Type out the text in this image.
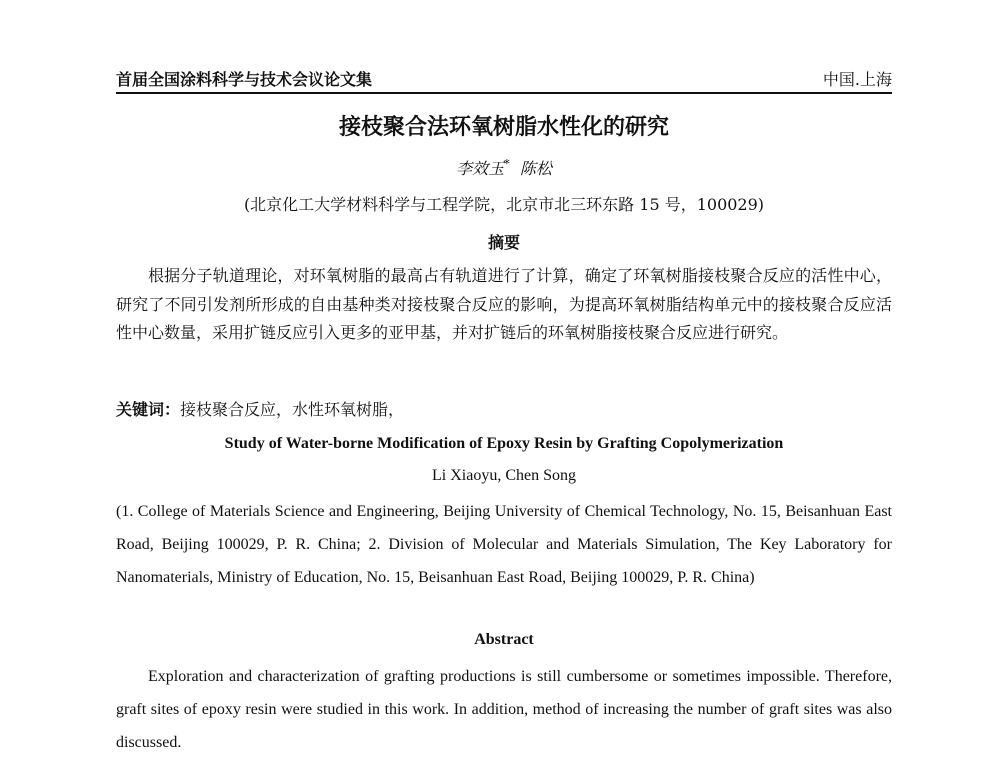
首届全国涂料科学与技术会议论文集	中国.上海
接枝聚合法环氧树脂水性化的研究
李效玉* 陈松
(北京化工大学材料科学与工程学院，北京市北三环东路 15 号，100029)
摘要
根据分子轨道理论，对环氧树脂的最高占有轨道进行了计算，确定了环氧树脂接枝聚合反应的活性中心，研究了不同引发剂所形成的自由基种类对接枝聚合反应的影响，为提高环氧树脂结构单元中的接枝聚合反应活性中心数量，采用扩链反应引入更多的亚甲基，并对扩链后的环氧树脂接枝聚合反应进行研究。
关键词：接枝聚合反应，水性环氧树脂，
Study of Water-borne Modification of Epoxy Resin by Grafting Copolymerization
Li Xiaoyu, Chen Song
(1. College of Materials Science and Engineering, Beijing University of Chemical Technology, No. 15, Beisanhuan East Road, Beijing 100029, P. R. China; 2. Division of Molecular and Materials Simulation, The Key Laboratory for Nanomaterials, Ministry of Education, No. 15, Beisanhuan East Road, Beijing 100029, P. R. China)
Abstract
Exploration and characterization of grafting productions is still cumbersome or sometimes impossible. Therefore, graft sites of epoxy resin were studied in this work. In addition, method of increasing the number of graft sites was also discussed.
